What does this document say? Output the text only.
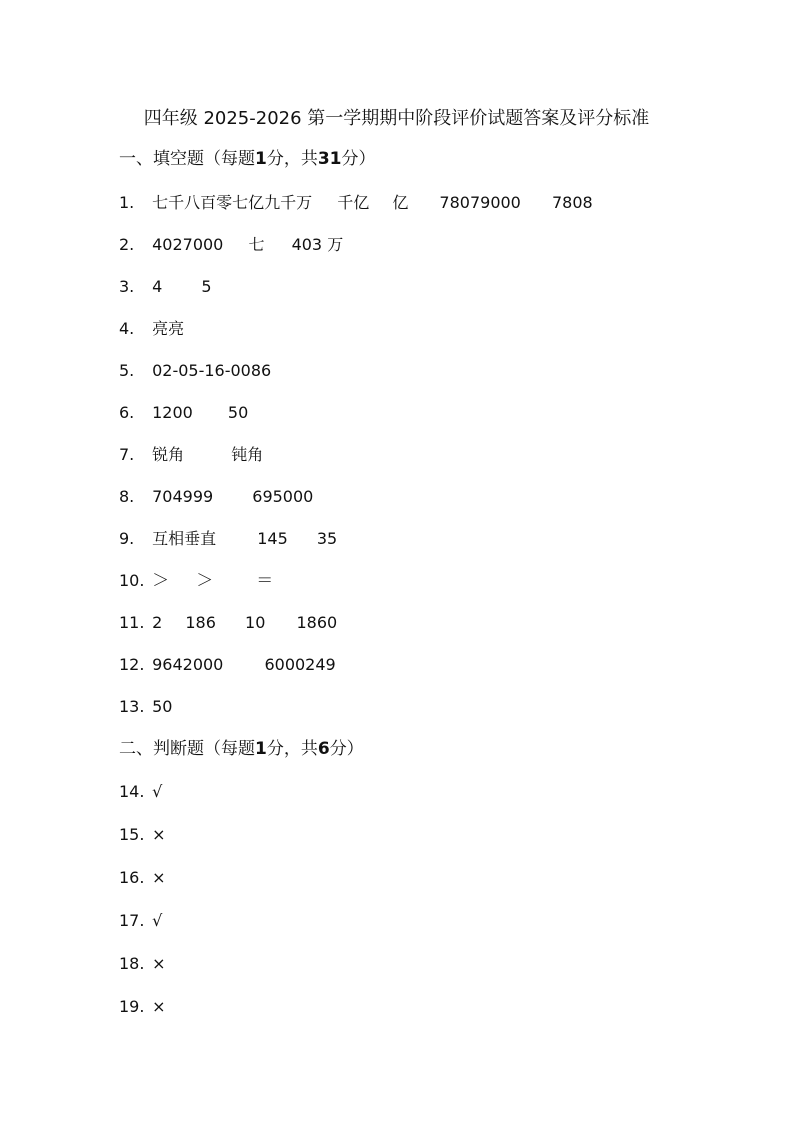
四年级 2025-2026 第一学期期中阶段评价试题答案及评分标准
一、填空题（每题1分，共31分）
1. 七千八百零七亿九千万 千亿 亿 78079000 7808
2. 4027000 七 403 万
3. 4 5
4. 亮亮
5. 02-05-16-0086
6. 1200 50
7. 锐角	钝角
8. 704999 695000
9. 互相垂直	145 35
10. ＞ ＞	＝
11. 2 186 10 1860
12. 9642000	6000249
13. 50
二、判断题（每题1分，共6分）
14. √
15. ×
16. ×
17. √
18. ×
19. ×
